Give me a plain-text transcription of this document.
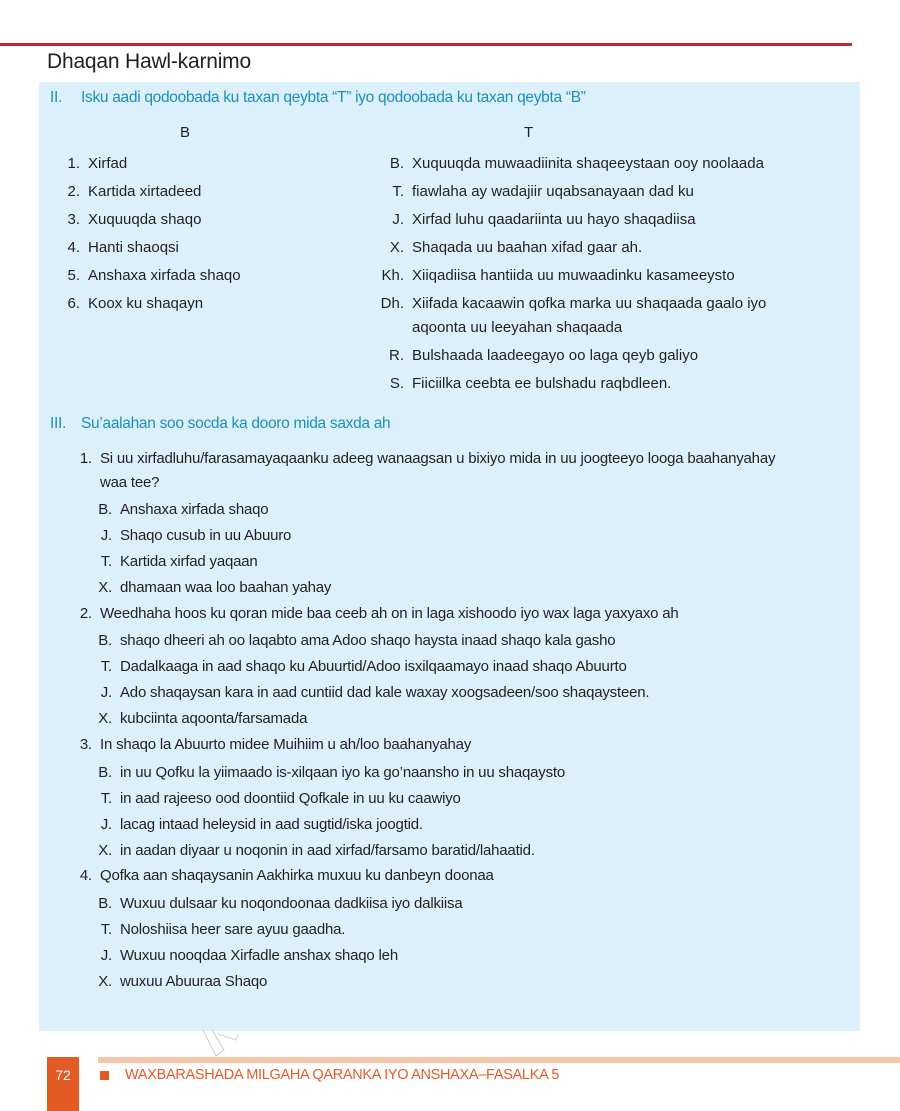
Dhaqan Hawl-karnimo
II. Isku aadi qodoobada ku taxan qeybta “T” iyo qodoobada ku taxan qeybta “B”
B	T
1. Xirfad
2. Kartida xirtadeed
3. Xuquuqda shaqo
4. Hanti shaoqsi
5. Anshaxa xirfada shaqo
6. Koox ku shaqayn
B. Xuquuqda muwaadiinita shaqeeystaan ooy noolaada
T. fiawlaha ay wadajiir uqabsanayaan dad ku
J. Xirfad luhu qaadariinta uu hayo shaqadiisa
X. Shaqada uu baahan xifad gaar ah.
Kh. Xiiqadiisa hantiida uu muwaadinku kasameeysto
Dh. Xiifada kacaawin qofka marka uu shaqaada gaalo iyo
aqoonta uu leeyahan shaqaada
R. Bulshaada laadeegayo oo laga qeyb galiyo
S. Fiiciilka ceebta ee bulshadu raqbdleen.
III. Su’aalahan soo socda ka dooro mida saxda ah
1. Si uu xirfadluhu/farasamayaqaanku adeeg wanaagsan u bixiyo mida in uu joogteeyo looga baahanyahay
waa tee?
B. Anshaxa xirfada shaqo
J. Shaqo cusub in uu Abuuro
T. Kartida xirfad yaqaan
X. dhamaan waa loo baahan yahay
2. Weedhaha hoos ku qoran mide baa ceeb ah on in laga xishoodo iyo wax laga yaxyaxo ah
B. shaqo dheeri ah oo laqabto ama Adoo shaqo haysta inaad shaqo kala gasho
T. Dadalkaaga in aad shaqo ku Abuurtid/Adoo isxilqaamayo inaad shaqo Abuurto
J. Ado shaqaysan kara in aad cuntiid dad kale waxay xoogsadeen/soo shaqaysteen.
X. kubciinta aqoonta/farsamada
3. In shaqo la Abuurto midee Muihiim u ah/loo baahanyahay
B. in uu Qofku la yiimaado is-xilqaan iyo ka go’naansho in uu shaqaysto
T. in aad rajeeso ood doontiid Qofkale in uu ku caawiyo
J. lacag intaad heleysid in aad sugtid/iska joogtid.
X. in aadan diyaar u noqonin in aad xirfad/farsamo baratid/lahaatid.
4. Qofka aan shaqaysanin Aakhirka muxuu ku danbeyn doonaa
B. Wuxuu dulsaar ku noqondoonaa dadkiisa iyo dalkiisa
T. Noloshiisa heer sare ayuu gaadha.
J. Wuxuu nooqdaa Xirfadle anshax shaqo leh
X. wuxuu Abuuraa Shaqo
72	WAXBARASHADA MILGAHA QARANKA IYO ANSHAXA–FASALKA 5
